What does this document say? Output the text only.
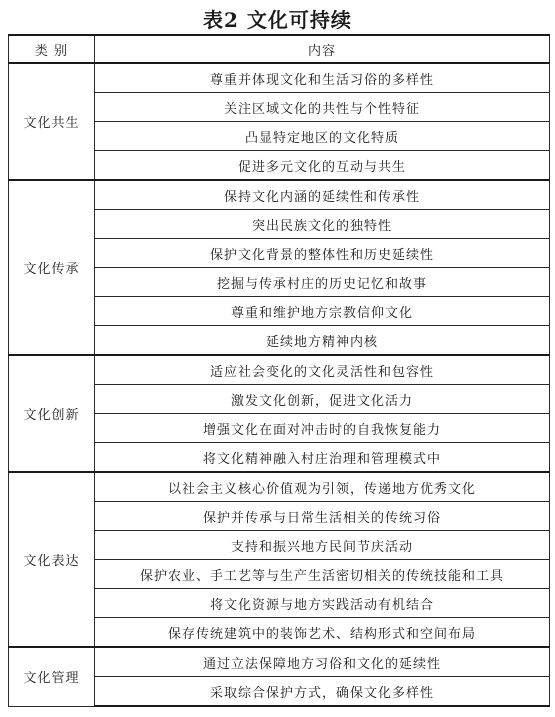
表2 文化可持续
类 别	内容
文化共生	尊重并体现文化和生活习俗的多样性
	关注区域文化的共性与个性特征
	凸显特定地区的文化特质
	促进多元文化的互动与共生
文化传承	保持文化内涵的延续性和传承性
	突出民族文化的独特性
	保护文化背景的整体性和历史延续性
	挖掘与传承村庄的历史记忆和故事
	尊重和维护地方宗教信仰文化
	延续地方精神内核
文化创新	适应社会变化的文化灵活性和包容性
	激发文化创新，促进文化活力
	增强文化在面对冲击时的自我恢复能力
	将文化精神融入村庄治理和管理模式中
文化表达	以社会主义核心价值观为引领，传递地方优秀文化
	保护并传承与日常生活相关的传统习俗
	支持和振兴地方民间节庆活动
	保护农业、手工艺等与生产生活密切相关的传统技能和工具
	将文化资源与地方实践活动有机结合
	保存传统建筑中的装饰艺术、结构形式和空间布局
文化管理	通过立法保障地方习俗和文化的延续性
	采取综合保护方式，确保文化多样性
